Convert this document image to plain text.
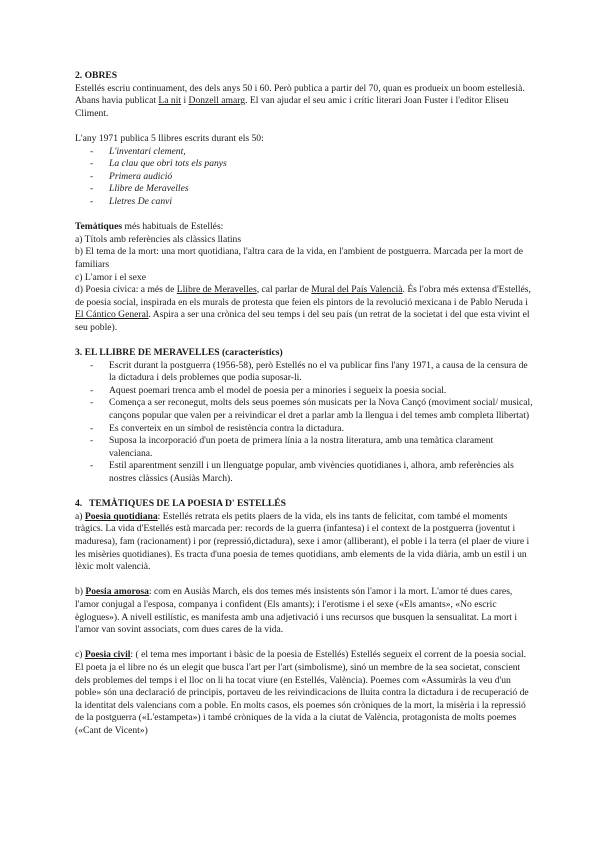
2. OBRES

Estellés escriu continuament, des dels anys 50 i 60. Però publica a partir del 70, quan es produeix un boom estellesià. Abans havia publicat La nit i Donzell amarg. El van ajudar el seu amic i crític literari Joan Fuster i l'editor Eliseu Climent.

L'any 1971 publica 5 llibres escrits durant els 50:

- L'inventari clement,
- La clau que obri tots els panys
- Primera audició
- Llibre de Meravelles
- Lletres De canvi

Temàtiques més habituals de Estellés:

a) Títols amb referències als clàssics llatins

b) El tema de la mort: una mort quotidiana, l'altra cara de la vida, en l'ambient de postguerra. Marcada per la mort de familiars

c) L'amor i el sexe

d) Poesia cívica: a més de Llibre de Meravelles, cal parlar de Mural del País Valencià. És l'obra més extensa d'Estellés, de poesia social, inspirada en els murals de protesta que feien els pintors de la revolució mexicana i de Pablo Neruda i El Cántico General. Aspira a ser una crònica del seu temps i del seu país (un retrat de la societat i del que esta vivint el seu poble).

3. EL LLIBRE DE MERAVELLES (característics)

- Escrit durant la postguerra (1956-58), però Estellés no el va publicar fins l'any 1971, a causa de la censura de la dictadura i dels problemes que podia suposar-li.
- Aquest poemari trenca amb el model de poesia per a minories i segueix la poesia social.
- Comença a ser reconegut, molts dels seus poemes són musicats per la Nova Cançó (moviment social/ musical, cançons popular que valen per a reivindicar el dret a parlar amb la llengua i del temes amb completa llibertat)
- Es converteix en un símbol de resistència contra la dictadura.
- Suposa la incorporació d'un poeta de primera línia a la nostra literatura, amb una temàtica clarament valenciana.
- Estil aparentment senzill i un llenguatge popular, amb vivències quotidianes i, alhora, amb referències als nostres clàssics (Ausiàs March).

4. TEMÀTIQUES DE LA POESIA D' ESTELLÉS

a) Poesia quotidiana: Estellés retrata els petits plaers de la vida, els ins tants de felicitat, com també el moments tràgics. La vida d'Estellés està marcada per: records de la guerra (infantesa) i el context de la postguerra (joventut i maduresa), fam (racionament) i por (repressió,dictadura), sexe i amor (alliberant), el poble i la terra (el plaer de viure i les misèries quotidianes). Es tracta d'una poesia de temes quotidians, amb elements de la vida diària, amb un estil i un lèxic molt valencià.

b) Poesia amorosa: com en Ausiàs March, els dos temes més insistents són l'amor i la mort. L'amor té dues cares, l'amor conjugal a l'esposa, companya i confident (Els amants); i l'erotisme i el sexe («Els amants», «No escric èglogues»). A nivell estilístic, es manifesta amb una adjetivació i uns recursos que busquen la sensualitat. La mort i l'amor van sovint associats, com dues cares de la vida.

c) Poesia civil: ( el tema mes important i bàsic de la poesia de Estellés) Estellés segueix el corrent de la poesia social. El poeta ja el libre no és un elegit que busca l'art per l'art (simbolisme), sinó un membre de la sea societat, conscient dels problemes del temps i el lloc on li ha tocat viure (en Estellés, València). Poemes com «Assumiràs la veu d'un poble» són una declaració de principis, portaveu de les reivindicacions de lluita contra la dictadura i de recuperació de la identitat dels valencians com a poble. En molts casos, els poemes són cròniques de la mort, la misèria i la repressió de la postguerra («L'estampeta») i també cròniques de la vida a la ciutat de València, protagonista de molts poemes («Cant de Vicent»)
